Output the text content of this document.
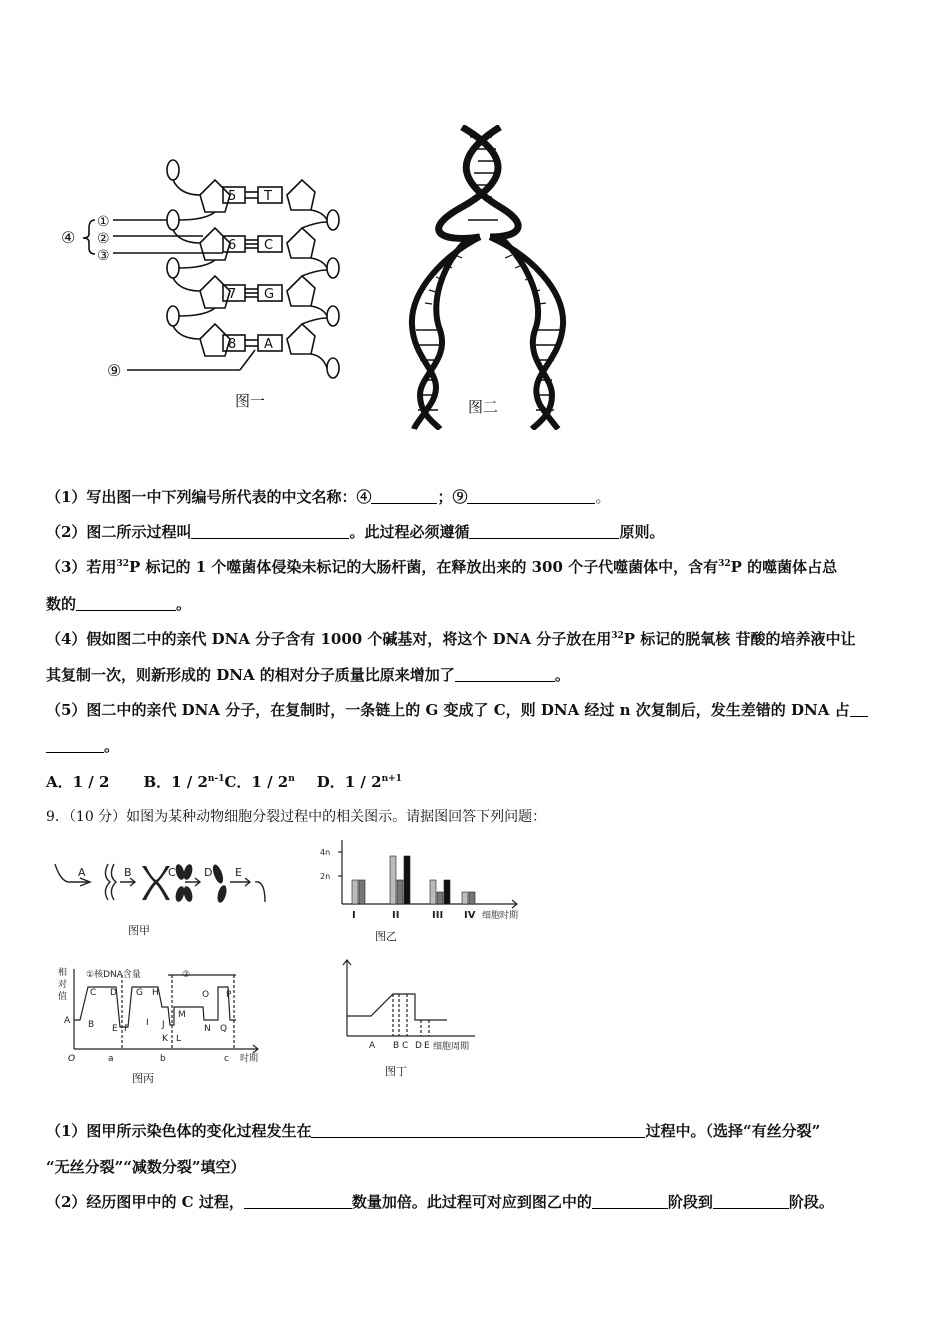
5
6
7
8
T
C
G
A
④
①
②
③
⑨
图一	图二
（1）写出图一中下列编号所代表的中文名称：④	；⑨	。
（2）图二所示过程叫	。此过程必须遵循	原则。
（3）若用$^{32}$P 标记的 1 个噬菌体侵染未标记的大肠杆菌，在释放出来的 300 个子代噬菌体中，含有$^{32}$P 的噬菌体占总
数的	。
（4）假如图二中的亲代 DNA 分子含有 1000 个碱基对，将这个 DNA 分子放在用$^{32}$P 标记的脱氧核 苷酸的培养液中让
其复制一次，则新形成的 DNA 的相对分子质量比原来增加了	。
（5）图二中的亲代 DNA 分子，在复制时，一条链上的 G 变成了 C，则 DNA 经过 n 次复制后，发生差错的 DNA 占
。
A．1 / 2 B．1 / 2$^{n-1}$C．1 / 2$^n$ D．$1 / 2^{n+1}$
9．（10 分）如图为某种动物细胞分裂过程中的相关图示。请据图回答下列问题：
A	B	C	D E
图甲
4n
2n
I	II	III IV 细胞时期
图乙
相
对
值
①核DNA含量	②
C D G H	O P
A B E F
I J
M
N Q
K L
O	a	b	c 时期
图丙
A B C D E 细胞周期
图丁
（1）图甲所示染色体的变化过程发生在	过程中。（选择“有丝分裂”
“无丝分裂”“减数分裂”填空）
（2）经历图甲中的 C 过程，	数量加倍。此过程可对应到图乙中的	阶段到	阶段。
